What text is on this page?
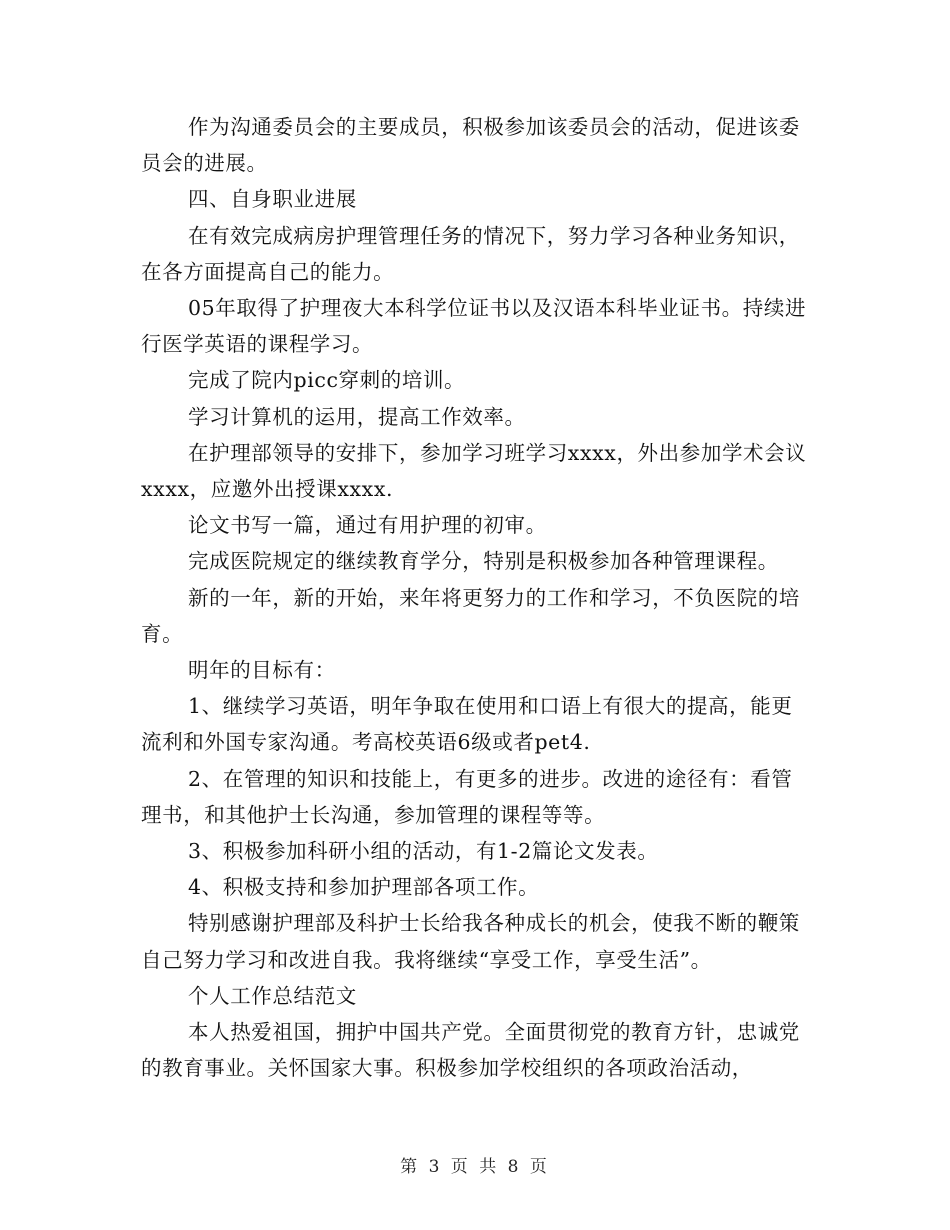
作为沟通委员会的主要成员，积极参加该委员会的活动，促进该委员会的进展。

四、自身职业进展

在有效完成病房护理管理任务的情况下，努力学习各种业务知识，在各方面提高自己的能力。

05年取得了护理夜大本科学位证书以及汉语本科毕业证书。持续进行医学英语的课程学习。

完成了院内picc穿刺的培训。

学习计算机的运用，提高工作效率。

在护理部领导的安排下，参加学习班学习xxxx，外出参加学术会议xxxx，应邀外出授课xxxx.

论文书写一篇，通过有用护理的初审。

完成医院规定的继续教育学分，特别是积极参加各种管理课程。

新的一年，新的开始，来年将更努力的工作和学习，不负医院的培育。

明年的目标有：

1、继续学习英语，明年争取在使用和口语上有很大的提高，能更流利和外国专家沟通。考高校英语6级或者pet4.

2、在管理的知识和技能上，有更多的进步。改进的途径有：看管理书，和其他护士长沟通，参加管理的课程等等。

3、积极参加科研小组的活动，有1-2篇论文发表。

4、积极支持和参加护理部各项工作。

特别感谢护理部及科护士长给我各种成长的机会，使我不断的鞭策自己努力学习和改进自我。我将继续“享受工作，享受生活”。

个人工作总结范文

本人热爱祖国，拥护中国共产党。全面贯彻党的教育方针，忠诚党的教育事业。关怀国家大事。积极参加学校组织的各项政治活动，

第 3 页 共 8 页
